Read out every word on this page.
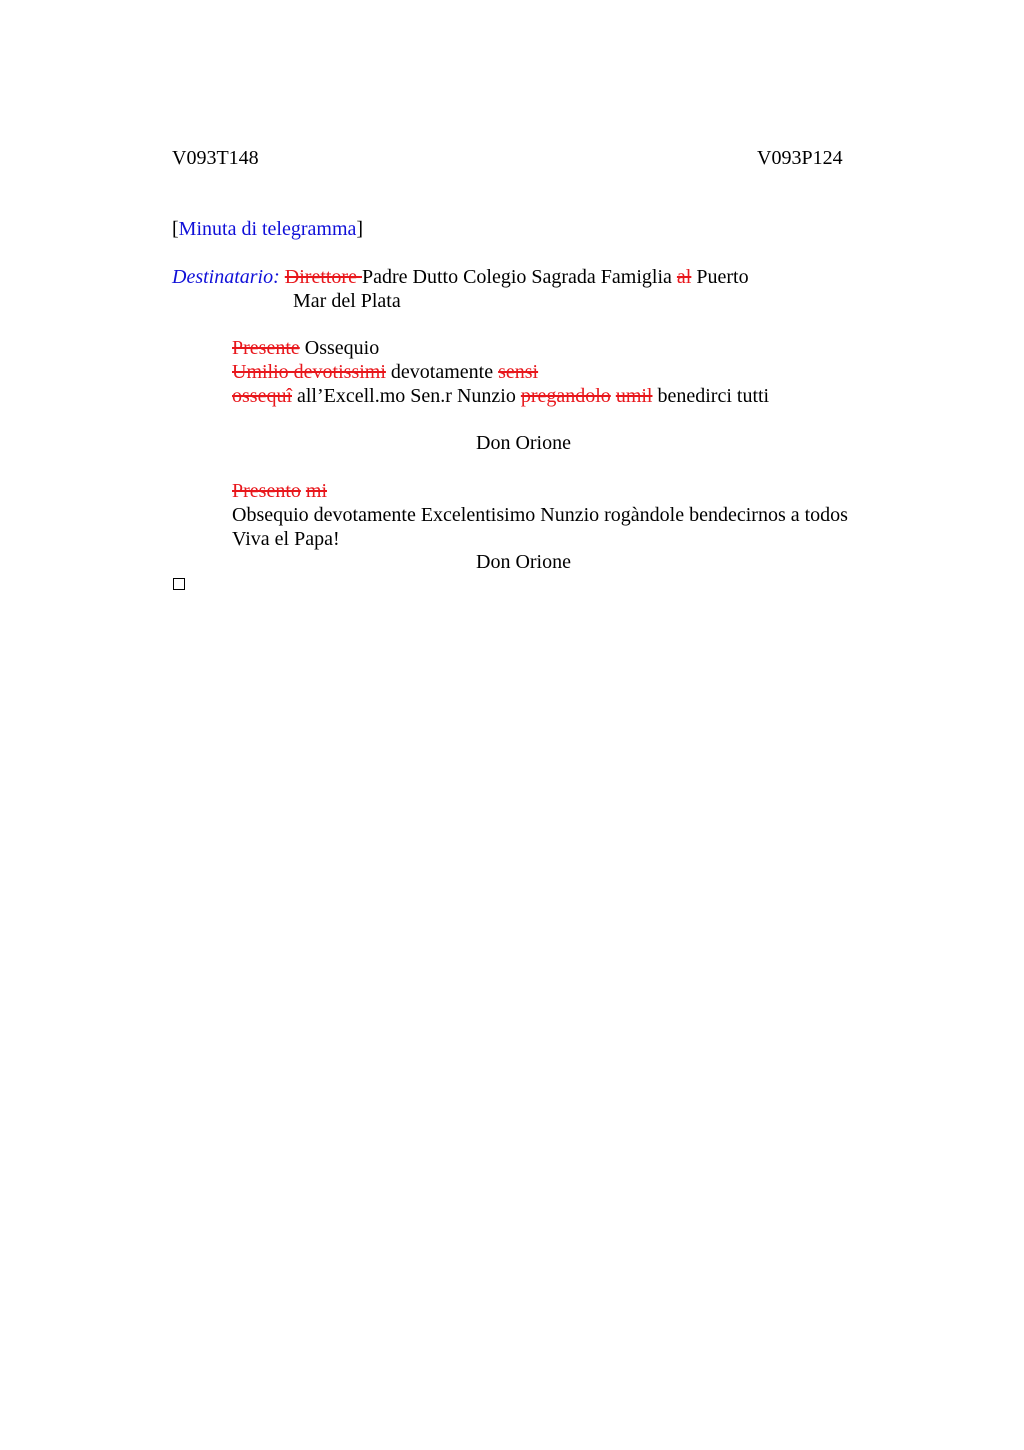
V093T148	V093P124
[Minuta di telegramma]
Destinatario: Direttore Padre Dutto Colegio Sagrada Famiglia al Puerto
Mar del Plata
Presente Ossequio
Umilio devotissimi devotamente sensi
ossequî all’Excell.mo Sen.r Nunzio pregandolo umil benedirci tutti
Don Orione
Presento mi
Obsequio devotamente Excelentisimo Nunzio rogàndole bendecirnos a todos
Viva el Papa!
Don Orione
